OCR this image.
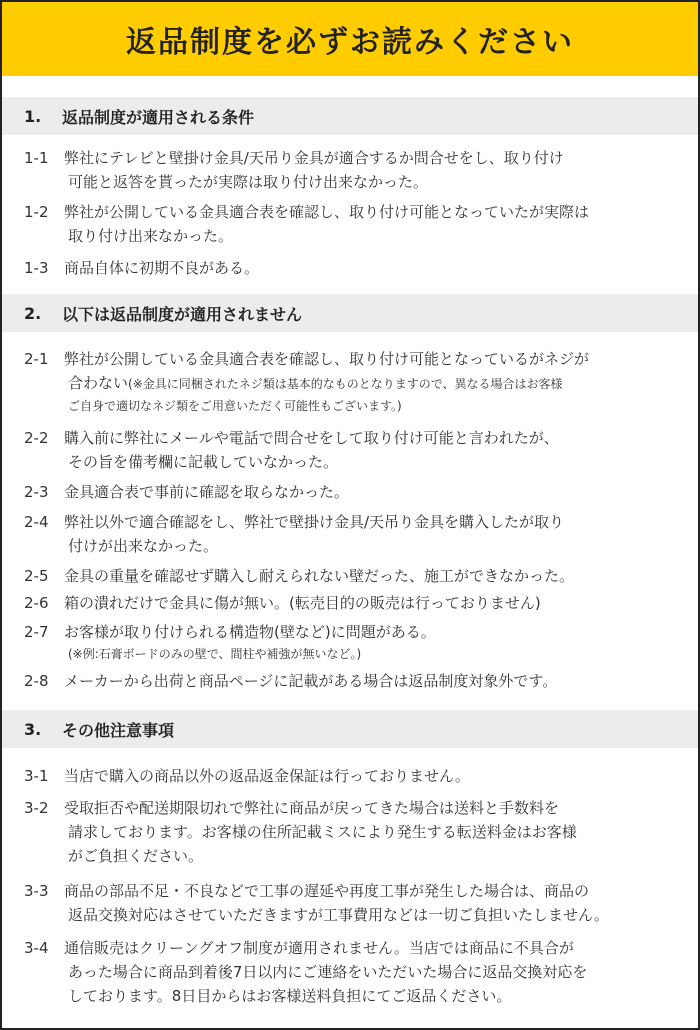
返品制度を必ずお読みください
1.	返品制度が適用される条件
1-1	弊社にテレビと壁掛け金具/天吊り金具が適合するか問合せをし、取り付け
可能と返答を貰ったが実際は取り付け出来なかった。
1-2	弊社が公開している金具適合表を確認し、取り付け可能となっていたが実際は
取り付け出来なかった。
1-3	商品自体に初期不良がある。
2.	以下は返品制度が適用されません
2-1	弊社が公開している金具適合表を確認し、取り付け可能となっているがネジが
合わない(※金具に同梱されたネジ類は基本的なものとなりますので、異なる場合はお客様
ご自身で適切なネジ類をご用意いただく可能性もございます。)
2-2	購入前に弊社にメールや電話で問合せをして取り付け可能と言われたが、
その旨を備考欄に記載していなかった。
2-3	金具適合表で事前に確認を取らなかった。
2-4	弊社以外で適合確認をし、弊社で壁掛け金具/天吊り金具を購入したが取り
付けが出来なかった。
2-5	金具の重量を確認せず購入し耐えられない壁だった、施工ができなかった。
2-6	箱の潰れだけで金具に傷が無い。(転売目的の販売は行っておりません)
2-7	お客様が取り付けられる構造物(壁など)に問題がある。
(※例:石膏ボードのみの壁で、間柱や補強が無いなど。)
2-8	メーカーから出荷と商品ページに記載がある場合は返品制度対象外です。
3.	その他注意事項
3-1	当店で購入の商品以外の返品返金保証は行っておりません。
3-2	受取拒否や配送期限切れで弊社に商品が戻ってきた場合は送料と手数料を
請求しております。お客様の住所記載ミスにより発生する転送料金はお客様
がご負担ください。
3-3	商品の部品不足・不良などで工事の遅延や再度工事が発生した場合は、商品の
返品交換対応はさせていただきますが工事費用などは一切ご負担いたしません。
3-4	通信販売はクリーングオフ制度が適用されません。当店では商品に不具合が
あった場合に商品到着後7日以内にご連絡をいただいた場合に返品交換対応を
しております。8日目からはお客様送料負担にてご返品ください。
